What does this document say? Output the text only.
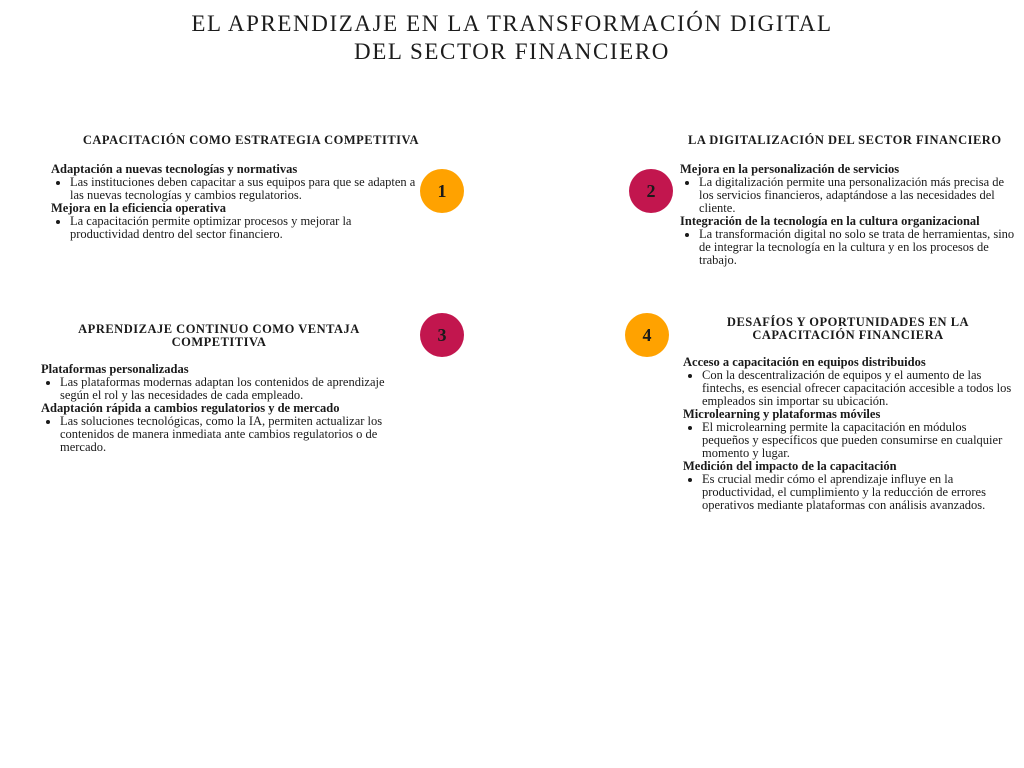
EL APRENDIZAJE EN LA TRANSFORMACIÓN DIGITAL
DEL SECTOR FINANCIERO
CAPACITACIÓN COMO ESTRATEGIA COMPETITIVA
Adaptación a nuevas tecnologías y normativas
• Las instituciones deben capacitar a sus equipos para que se adapten a las nuevas tecnologías y cambios regulatorios.
Mejora en la eficiencia operativa
• La capacitación permite optimizar procesos y mejorar la productividad dentro del sector financiero.
LA DIGITALIZACIÓN DEL SECTOR FINANCIERO
Mejora en la personalización de servicios
• La digitalización permite una personalización más precisa de los servicios financieros, adaptándose a las necesidades del cliente.
Integración de la tecnología en la cultura organizacional
• La transformación digital no solo se trata de herramientas, sino de integrar la tecnología en la cultura y en los procesos de trabajo.
APRENDIZAJE CONTINUO COMO VENTAJA COMPETITIVA
Plataformas personalizadas
• Las plataformas modernas adaptan los contenidos de aprendizaje según el rol y las necesidades de cada empleado.
Adaptación rápida a cambios regulatorios y de mercado
• Las soluciones tecnológicas, como la IA, permiten actualizar los contenidos de manera inmediata ante cambios regulatorios o de mercado.
DESAFÍOS Y OPORTUNIDADES EN LA CAPACITACIÓN FINANCIERA
Acceso a capacitación en equipos distribuidos
• Con la descentralización de equipos y el aumento de las fintechs, es esencial ofrecer capacitación accesible a todos los empleados sin importar su ubicación.
Microlearning y plataformas móviles
• El microlearning permite la capacitación en módulos pequeños y específicos que pueden consumirse en cualquier momento y lugar.
Medición del impacto de la capacitación
• Es crucial medir cómo el aprendizaje influye en la productividad, el cumplimiento y la reducción de errores operativos mediante plataformas con análisis avanzados.
1	2
3	4
